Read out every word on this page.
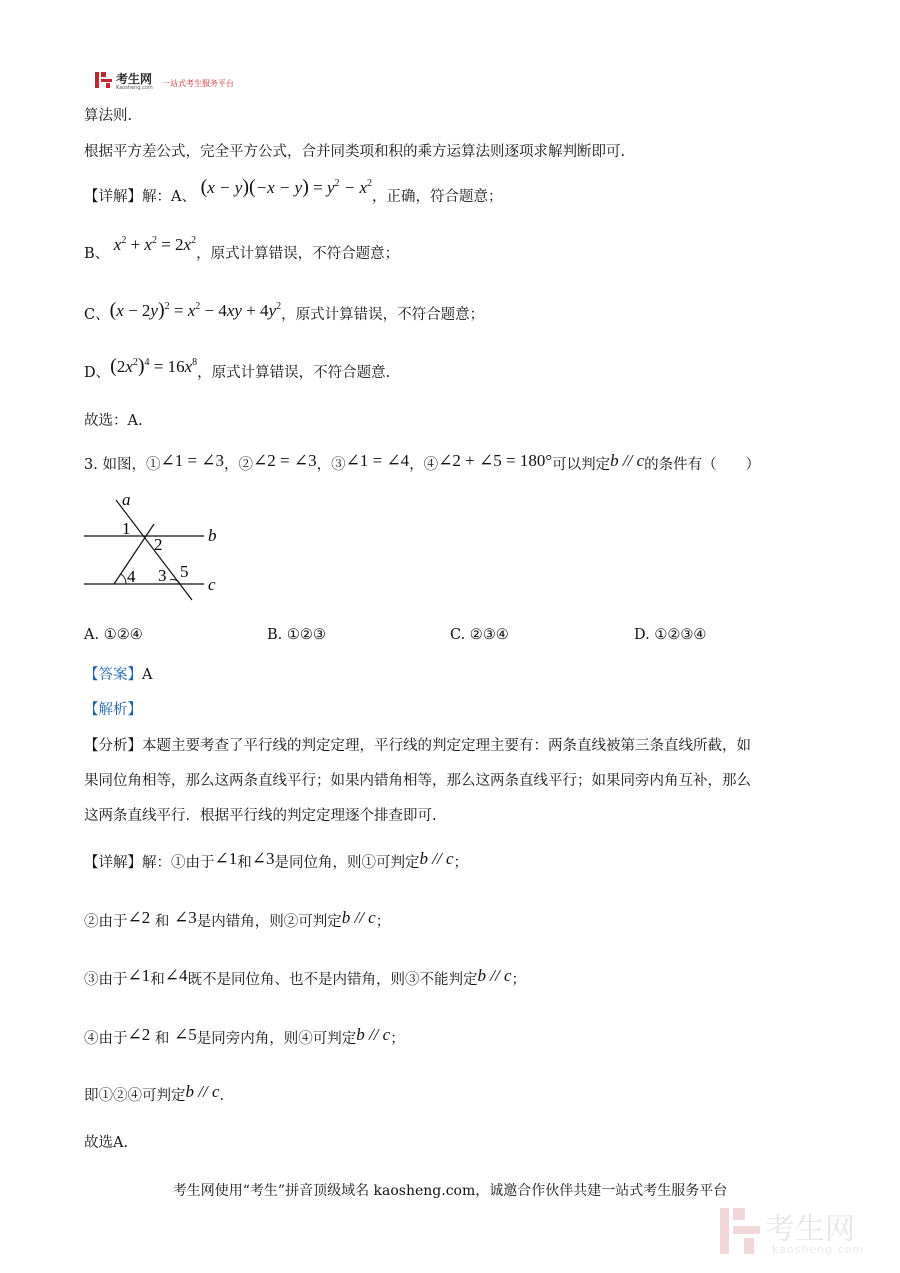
考生网
Kaosheng.com 一站式考生服务平台
算法则.
根据平方差公式，完全平方公式，合并同类项和积的乘方运算法则逐项求解判断即可.
【详解】解：A、 $(x - y)(-x - y) = y^2 - x^2$，正确，符合题意；
B、 $x^2 + x^2 = 2x^2$，原式计算错误，不符合题意；
C、$(x - 2y)^2 = x^2 - 4xy + 4y^2$，原式计算错误，不符合题意；
D、$(2x^2)^4 = 16x^8$，原式计算错误，不符合题意.
故选：A.
3. 如图，①∠1 = ∠3，②∠2 = ∠3，③∠1 = ∠4，④∠2 + ∠5 = 180°可以判定b // c的条件有（　　）
a
b
c
1
2
4 3 5
A. ①②④	B. ①②③	C. ②③④	D. ①②③④
【答案】A
【解析】
【分析】本题主要考查了平行线的判定定理，平行线的判定定理主要有：两条直线被第三条直线所截，如
果同位角相等，那么这两条直线平行；如果内错角相等，那么这两条直线平行；如果同旁内角互补，那么
这两条直线平行．根据平行线的判定定理逐个排查即可.
【详解】解：①由于∠1和∠3是同位角，则①可判定b // c；
②由于∠2 和 ∠3是内错角，则②可判定b // c；
③由于∠1和∠4既不是同位角、也不是内错角，则③不能判定b // c；
④由于∠2 和 ∠5是同旁内角，则④可判定b // c；
即①②④可判定b // c.
故选A.
考生网使用“考生”拼音顶级域名 kaosheng.com，诚邀合作伙伴共建一站式考生服务平台
考生网
kaosheng.com
